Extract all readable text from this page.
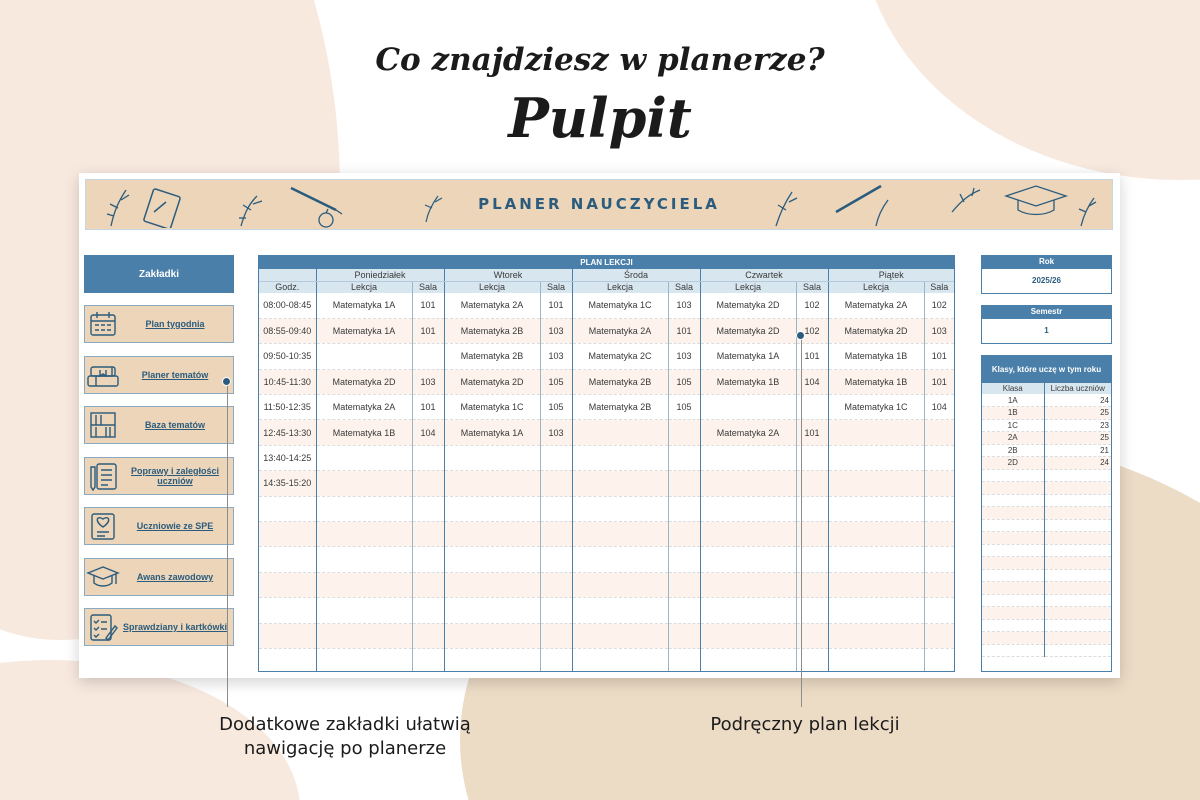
Co znajdziesz w planerze?
Pulpit
PLANER NAUCZYCIELA
Zakładki
Plan tygodnia
Planer tematów
Baza tematów
Poprawy i zaległości uczniów
Uczniowie ze SPE
Awans zawodowy
Sprawdziany i kartkówki
PLAN LEKCJI
	Poniedziałek		Wtorek		Środa		Czwartek		Piątek	
Godz.	Lekcja	Sala	Lekcja	Sala	Lekcja	Sala	Lekcja	Sala	Lekcja	Sala
08:00-08:45	Matematyka 1A	101	Matematyka 2A	101	Matematyka 1C	103	Matematyka 2D	102	Matematyka 2A	102
08:55-09:40	Matematyka 1A	101	Matematyka 2B	103	Matematyka 2A	101	Matematyka 2D	102	Matematyka 2D	103
09:50-10:35			Matematyka 2B	103	Matematyka 2C	103	Matematyka 1A	101	Matematyka 1B	101
10:45-11:30	Matematyka 2D	103	Matematyka 2D	105	Matematyka 2B	105	Matematyka 1B	104	Matematyka 1B	101
11:50-12:35	Matematyka 2A	101	Matematyka 1C	105	Matematyka 2B	105			Matematyka 1C	104
12:45-13:30	Matematyka 1B	104	Matematyka 1A	103			Matematyka 2A	101		
13:40-14:25										
14:35-15:20										

Rok
2025/26
Semestr
1
Klasy, które uczę w tym roku
Klasa	Liczba uczniów
1A	24
1B	25
1C	23
2A	25
2B	21
2D	24

Dodatkowe zakładki ułatwią
nawigację po planerze
Podręczny plan lekcji
